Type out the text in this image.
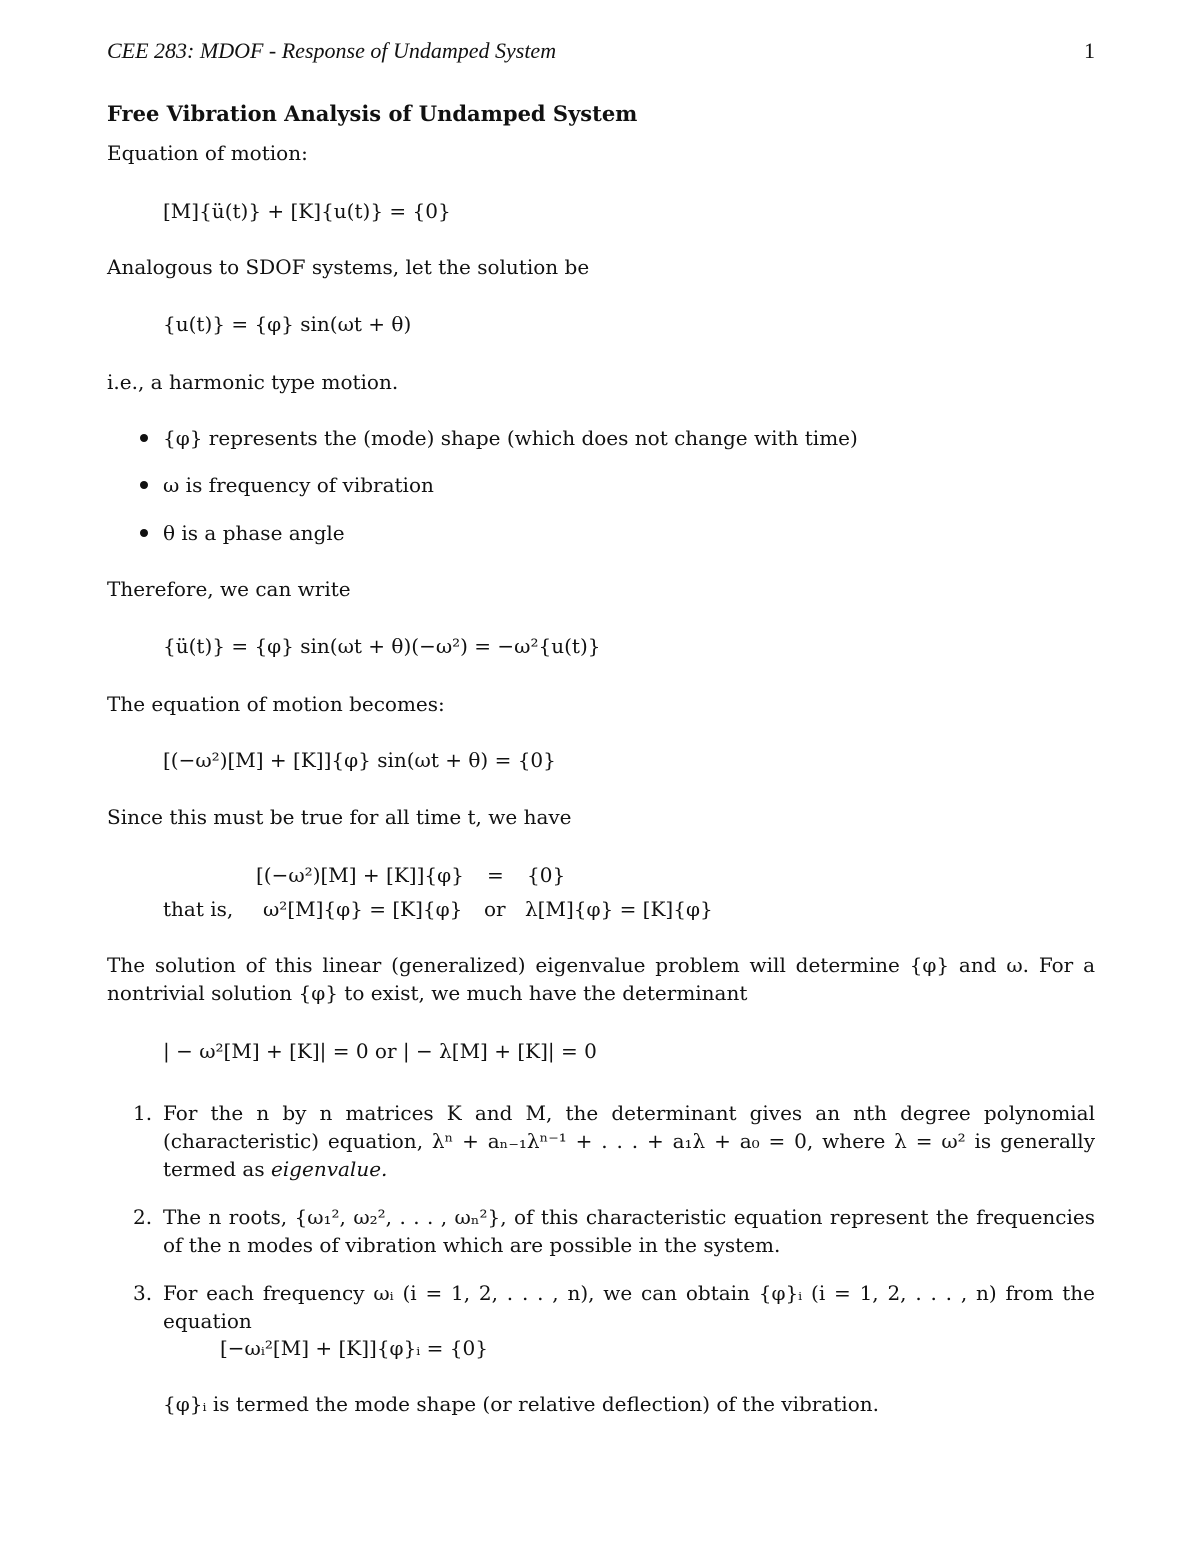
CEE 283: MDOF - Response of Undamped System	1
Free Vibration Analysis of Undamped System
Equation of motion:
[M]{ü(t)} + [K]{u(t)} = {0}
Analogous to SDOF systems, let the solution be
{u(t)} = {φ} sin(ωt + θ)
i.e., a harmonic type motion.
{φ} represents the (mode) shape (which does not change with time)
ω is frequency of vibration
θ is a phase angle
Therefore, we can write
{ü(t)} = {φ} sin(ωt + θ)(−ω²) = −ω²{u(t)}
The equation of motion becomes:
[(−ω²)[M] + [K]]{φ} sin(ωt + θ) = {0}
Since this must be true for all time t, we have
[(−ω²)[M] + [K]]{φ} = {0}
that is, ω²[M]{φ} = [K]{φ} or λ[M]{φ} = [K]{φ}
The solution of this linear (generalized) eigenvalue problem will determine {φ} and ω. For a nontrivial solution {φ} to exist, we much have the determinant
| − ω²[M] + [K]| = 0 or | − λ[M] + [K]| = 0
1. For the n by n matrices K and M, the determinant gives an nth degree polynomial (characteristic) equation, λⁿ + aₙ₋₁λⁿ⁻¹ + . . . + a₁λ + a₀ = 0, where λ = ω² is generally termed as eigenvalue.
2. The n roots, {ω₁², ω₂², . . . , ωₙ²}, of this characteristic equation represent the frequencies of the n modes of vibration which are possible in the system.
3. For each frequency ωᵢ (i = 1, 2, . . . , n), we can obtain {φ}ᵢ (i = 1, 2, . . . , n) from the equation
[−ωᵢ²[M] + [K]]{φ}ᵢ = {0}
{φ}ᵢ is termed the mode shape (or relative deflection) of the vibration.
